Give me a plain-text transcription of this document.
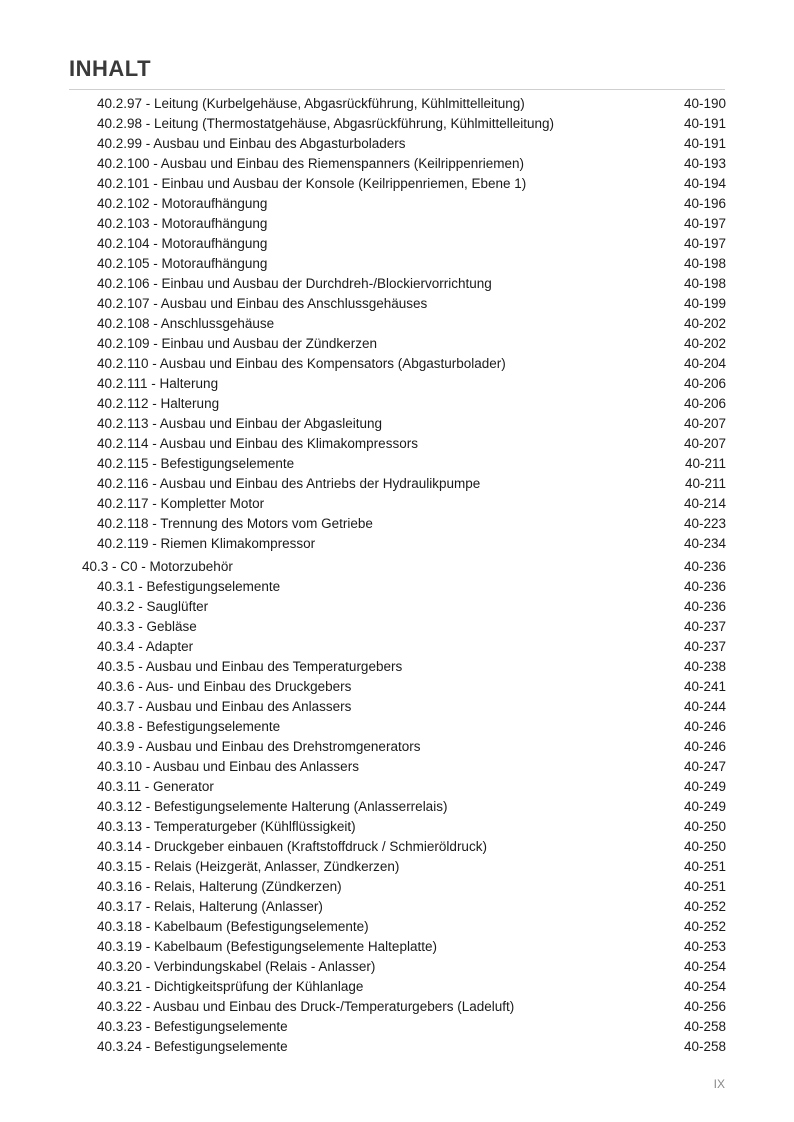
INHALT
40.2.97 - Leitung (Kurbelgehäuse, Abgasrückführung, Kühlmittelleitung)	40-190
40.2.98 - Leitung (Thermostatgehäuse, Abgasrückführung, Kühlmittelleitung)	40-191
40.2.99 - Ausbau und Einbau des Abgasturboladers	40-191
40.2.100 - Ausbau und Einbau des Riemenspanners (Keilrippenriemen)	40-193
40.2.101 - Einbau und Ausbau der Konsole (Keilrippenriemen, Ebene 1)	40-194
40.2.102 - Motoraufhängung	40-196
40.2.103 - Motoraufhängung	40-197
40.2.104 - Motoraufhängung	40-197
40.2.105 - Motoraufhängung	40-198
40.2.106 - Einbau und Ausbau der Durchdreh-/Blockiervorrichtung	40-198
40.2.107 - Ausbau und Einbau des Anschlussgehäuses	40-199
40.2.108 - Anschlussgehäuse	40-202
40.2.109 - Einbau und Ausbau der Zündkerzen	40-202
40.2.110 - Ausbau und Einbau des Kompensators (Abgasturbolader)	40-204
40.2.111 - Halterung	40-206
40.2.112 - Halterung	40-206
40.2.113 - Ausbau und Einbau der Abgasleitung	40-207
40.2.114 - Ausbau und Einbau des Klimakompressors	40-207
40.2.115 - Befestigungselemente	40-211
40.2.116 - Ausbau und Einbau des Antriebs der Hydraulikpumpe	40-211
40.2.117 - Kompletter Motor	40-214
40.2.118 - Trennung des Motors vom Getriebe	40-223
40.2.119 - Riemen Klimakompressor	40-234
40.3 - C0 - Motorzubehör	40-236
40.3.1 - Befestigungselemente	40-236
40.3.2 - Sauglüfter	40-236
40.3.3 - Gebläse	40-237
40.3.4 - Adapter	40-237
40.3.5 - Ausbau und Einbau des Temperaturgebers	40-238
40.3.6 - Aus- und Einbau des Druckgebers	40-241
40.3.7 - Ausbau und Einbau des Anlassers	40-244
40.3.8 - Befestigungselemente	40-246
40.3.9 - Ausbau und Einbau des Drehstromgenerators	40-246
40.3.10 - Ausbau und Einbau des Anlassers	40-247
40.3.11 - Generator	40-249
40.3.12 - Befestigungselemente Halterung (Anlasserrelais)	40-249
40.3.13 - Temperaturgeber (Kühlflüssigkeit)	40-250
40.3.14 - Druckgeber einbauen (Kraftstoffdruck / Schmieröldruck)	40-250
40.3.15 - Relais (Heizgerät, Anlasser, Zündkerzen)	40-251
40.3.16 - Relais, Halterung (Zündkerzen)	40-251
40.3.17 - Relais, Halterung (Anlasser)	40-252
40.3.18 - Kabelbaum (Befestigungselemente)	40-252
40.3.19 - Kabelbaum (Befestigungselemente Halteplatte)	40-253
40.3.20 - Verbindungskabel (Relais - Anlasser)	40-254
40.3.21 - Dichtigkeitsprüfung der Kühlanlage	40-254
40.3.22 - Ausbau und Einbau des Druck-/Temperaturgebers (Ladeluft)	40-256
40.3.23 - Befestigungselemente	40-258
40.3.24 - Befestigungselemente	40-258
IX
